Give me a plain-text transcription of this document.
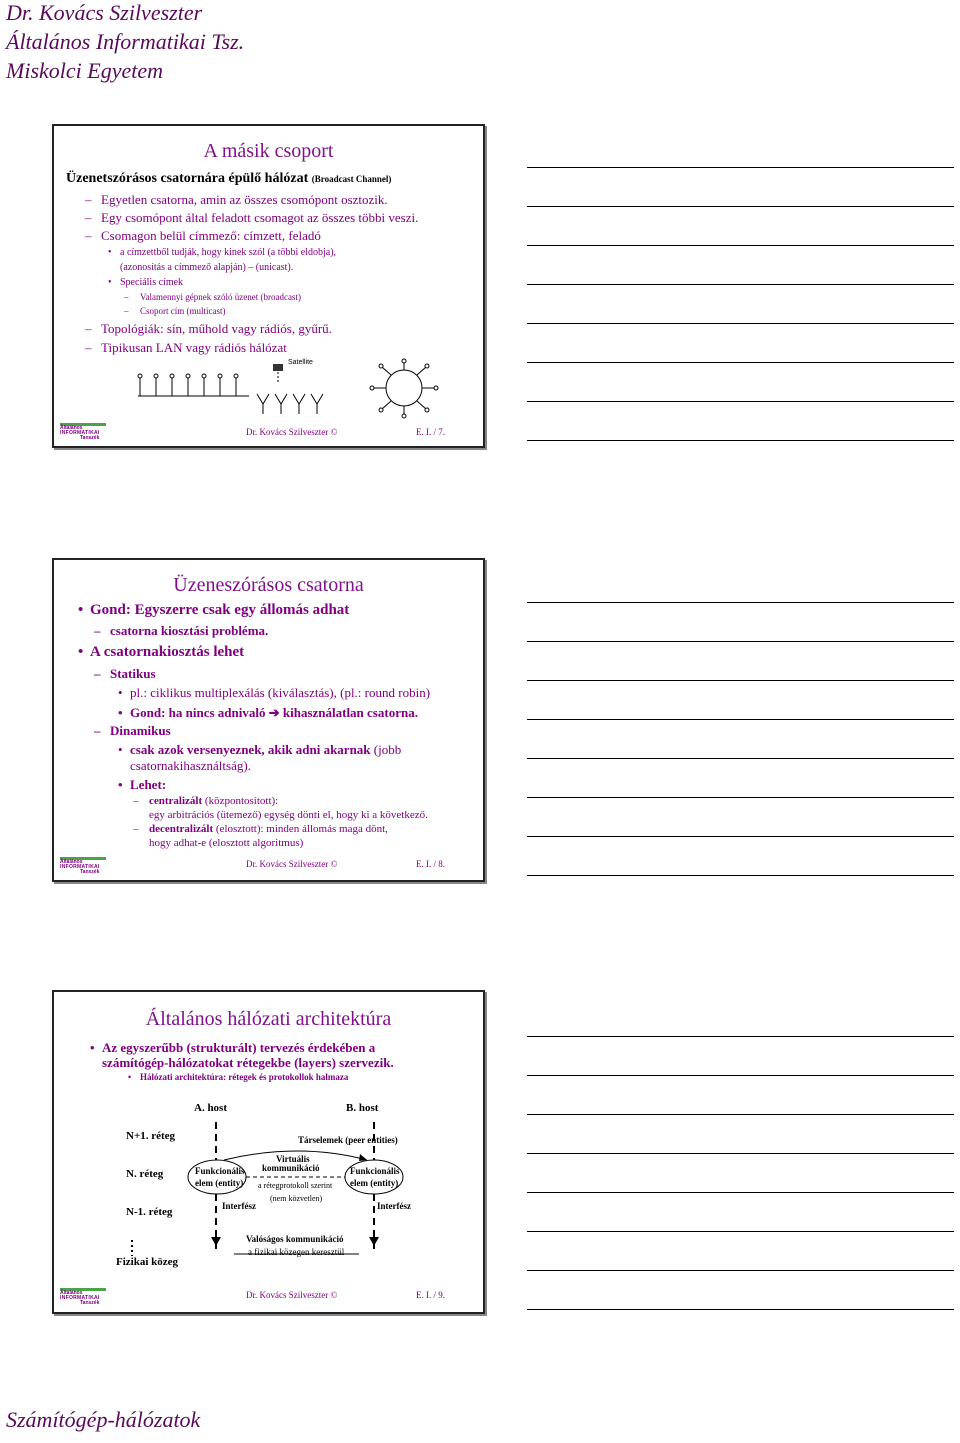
Dr. Kovács Szilveszter
Általános Informatikai Tsz.
Miskolci Egyetem
A másik csoport
Üzenetszórásos csatornára épülő hálózat (Broadcast Channel)
– Egyetlen csatorna, amin az összes csomópont osztozik.
– Egy csomópont által feladott csomagot az összes többi veszi.
– Csomagon belül címmező: címzett, feladó
• a címzettből tudják, hogy kinek szól (a többi eldobja),
(azonosítás a címmező alapján) – (unicast).
• Speciális címek
– Valamennyi gépnek szóló üzenet (broadcast)
– Csoport cím (multicast)
– Topológiák: sín, műhold vagy rádiós, gyűrű.
– Tipikusan LAN vagy rádiós hálózat
Satellite
Általános
INFORMATIKAI
Tanszék
Dr. Kovács Szilveszter ©	E. I. / 7.
Üzeneszórásos csatorna
• Gond: Egyszerre csak egy állomás adhat
– csatorna kiosztási probléma.
• A csatornakiosztás lehet
– Statikus
• pl.: ciklikus multiplexálás (kiválasztás), (pl.: round robin)
• Gond: ha nincs adnivaló ➔ kihasználatlan csatorna.
– Dinamikus
• csak azok versenyeznek, akik adni akarnak (jobb
csatornakihasználtság).
• Lehet:
– centralizált (központosított):
egy arbitrációs (ütemező) egység dönti el, hogy ki a következő.
– decentralizált (elosztott): minden állomás maga dönt,
hogy adhat-e (elosztott algoritmus)
Általános
INFORMATIKAI
Tanszék
Dr. Kovács Szilveszter ©	E. I. / 8.
Általános hálózati architektúra
• Az egyszerűbb (strukturált) tervezés érdekében a
számítógép-hálózatokat rétegekbe (layers) szervezik.
• Hálózati architektúra: rétegek és protokollok halmaza
A. host	B. host
N+1. réteg
N. réteg
N-1. réteg
Fizikai közeg
Társelemek (peer entities)
Funkcionális
elem (entity)
Funkcionális
elem (entity)
Virtuális
kommunikáció
a rétegprotokoll szerint
(nem közvetlen)
Interfész	Interfész
Valóságos kommunikáció
a fizikai közegen keresztül
Általános
INFORMATIKAI
Tanszék
Dr. Kovács Szilveszter ©	E. I. / 9.
Számítógép-hálózatok
